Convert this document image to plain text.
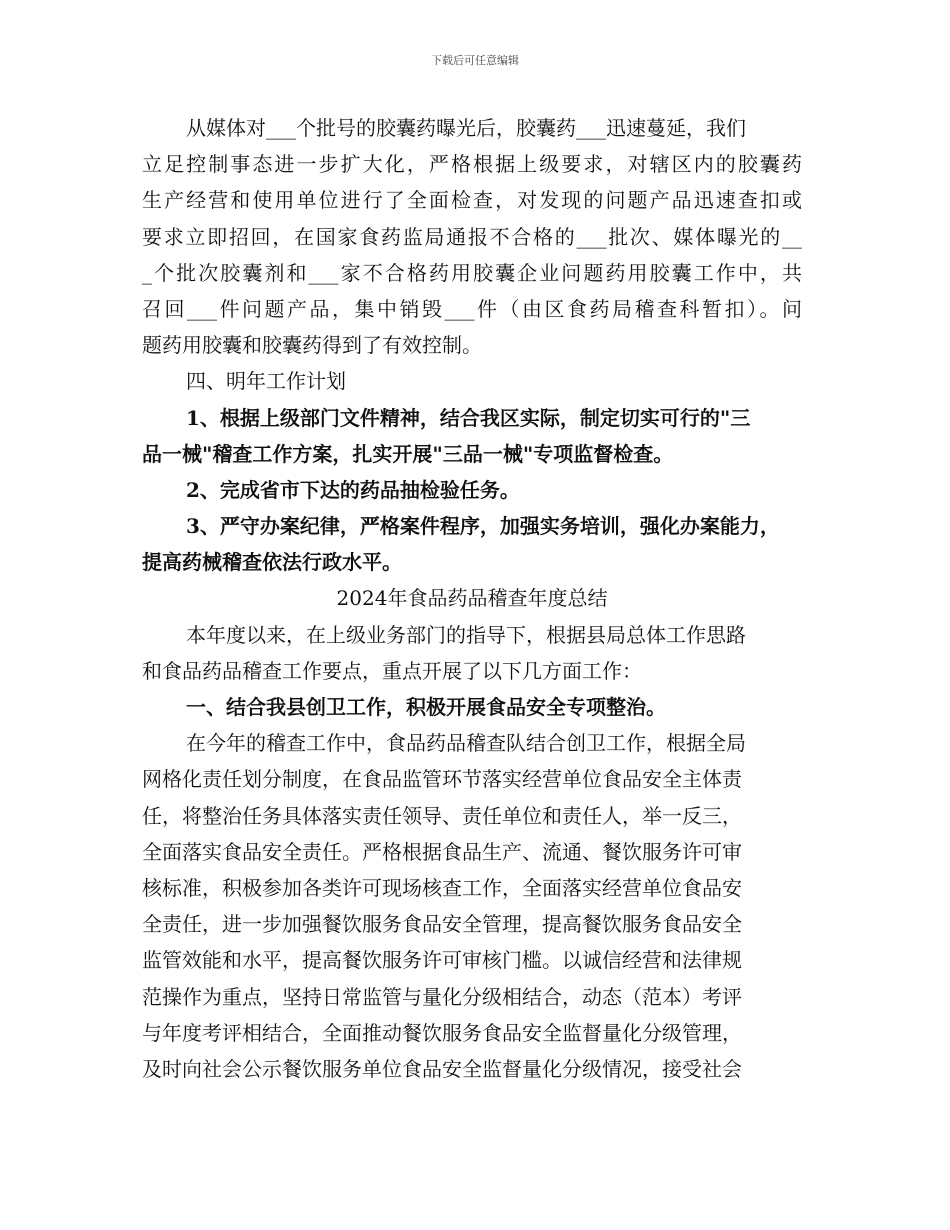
下载后可任意编辑
从媒体对___个批号的胶囊药曝光后，胶囊药___迅速蔓延，我们
立足控制事态进一步扩大化，严格根据上级要求，对辖区内的胶囊药
生产经营和使用单位进行了全面检查，对发现的问题产品迅速查扣或
要求立即招回，在国家食药监局通报不合格的___批次、媒体曝光的__
_个批次胶囊剂和___家不合格药用胶囊企业问题药用胶囊工作中，共
召回___件问题产品，集中销毁___件（由区食药局稽查科暂扣）。问
题药用胶囊和胶囊药得到了有效控制。
四、明年工作计划
1、根据上级部门文件精神，结合我区实际，制定切实可行的"三
品一械"稽查工作方案，扎实开展"三品一械"专项监督检查。
2、完成省市下达的药品抽检验任务。
3、严守办案纪律，严格案件程序，加强实务培训，强化办案能力，
提高药械稽查依法行政水平。
2024年食品药品稽查年度总结
本年度以来，在上级业务部门的指导下，根据县局总体工作思路
和食品药品稽查工作要点，重点开展了以下几方面工作：
一、结合我县创卫工作，积极开展食品安全专项整治。
在今年的稽查工作中，食品药品稽查队结合创卫工作，根据全局
网格化责任划分制度，在食品监管环节落实经营单位食品安全主体责
任，将整治任务具体落实责任领导、责任单位和责任人，举一反三，
全面落实食品安全责任。严格根据食品生产、流通、餐饮服务许可审
核标准，积极参加各类许可现场核查工作，全面落实经营单位食品安
全责任，进一步加强餐饮服务食品安全管理，提高餐饮服务食品安全
监管效能和水平，提高餐饮服务许可审核门槛。以诚信经营和法律规
范操作为重点，坚持日常监管与量化分级相结合，动态（范本）考评
与年度考评相结合，全面推动餐饮服务食品安全监督量化分级管理，
及时向社会公示餐饮服务单位食品安全监督量化分级情况，接受社会
